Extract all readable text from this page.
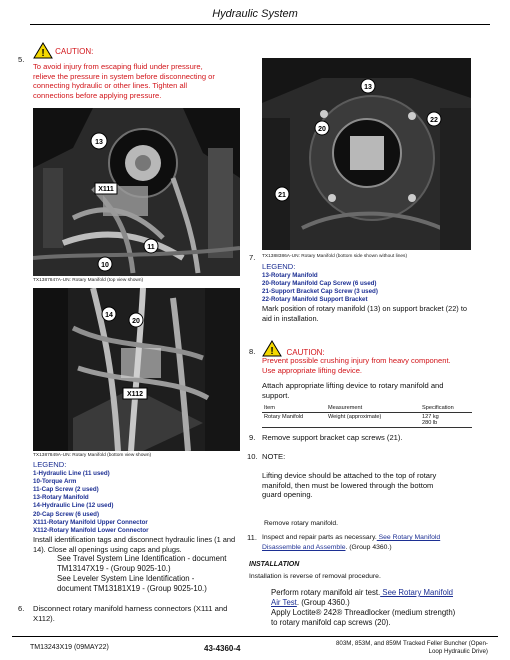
Hydraulic System
5.
! CAUTION:
To avoid injury from escaping fluid under pressure,
relieve the pressure in system before disconnecting or
connecting hydraulic or other lines. Tighten all
connections before applying pressure.
13
X111
11
10
TX1387847A-UN: Rotary Manifold (top view shown)
14
20
X112
TX1387849A-UN: Rotary Manifold (bottom view shown)
LEGEND:
1-Hydraulic Line (11 used)
10-Torque Arm
11-Cap Screw (2 used)
13-Rotary Manifold
14-Hydraulic Line (12 used)
20-Cap Screw (6 used)
X111-Rotary Manifold Upper Connector
X112-Rotary Manifold Lower Connector
Install identification tags and disconnect hydraulic lines (1 and
14). Close all openings using caps and plugs.
See Travel System Line Identification - document
TM13147X19 - (Group 9025-10.)
See Leveler System Line Identification -
document TM13181X19 - (Group 9025-10.)
6. Disconnect rotary manifold harness connectors (X111 and
X112).
13
20
22
21
7. TX1388386A-UN: Rotary Manifold (bottom side shown without lines)
LEGEND:
13-Rotary Manifold
20-Rotary Manifold Cap Screw (6 used)
21-Support Bracket Cap Screw (3 used)
22-Rotary Manifold Support Bracket
Mark position of rotary manifold (13) on support bracket (22) to
aid in installation.
8. ! CAUTION:
Prevent possible crushing injury from heavy component.
Use appropriate lifting device.
Attach appropriate lifting device to rotary manifold and
support.
Item	Measurement	Specification
Rotary Manifold	Weight (approximate)	127 kg
280 lb
9. Remove support bracket cap screws (21).
10. NOTE:
Lifting device should be attached to the top of rotary
manifold, then must be lowered through the bottom
guard opening.
Remove rotary manifold.
11. Inspect and repair parts as necessary. See Rotary Manifold
Disassemble and Assemble. (Group 4360.)
INSTALLATION
Installation is reverse of removal procedure.
Perform rotary manifold air test. See Rotary Manifold
Air Test. (Group 4360.)
Apply Loctite® 242® Threadlocker (medium strength)
to rotary manifold cap screws (20).
TM13243X19 (09MAY22)	43-4360-4
803M, 853M, and 859M Tracked Feller Buncher (Open-
Loop Hydraulic Drive)
